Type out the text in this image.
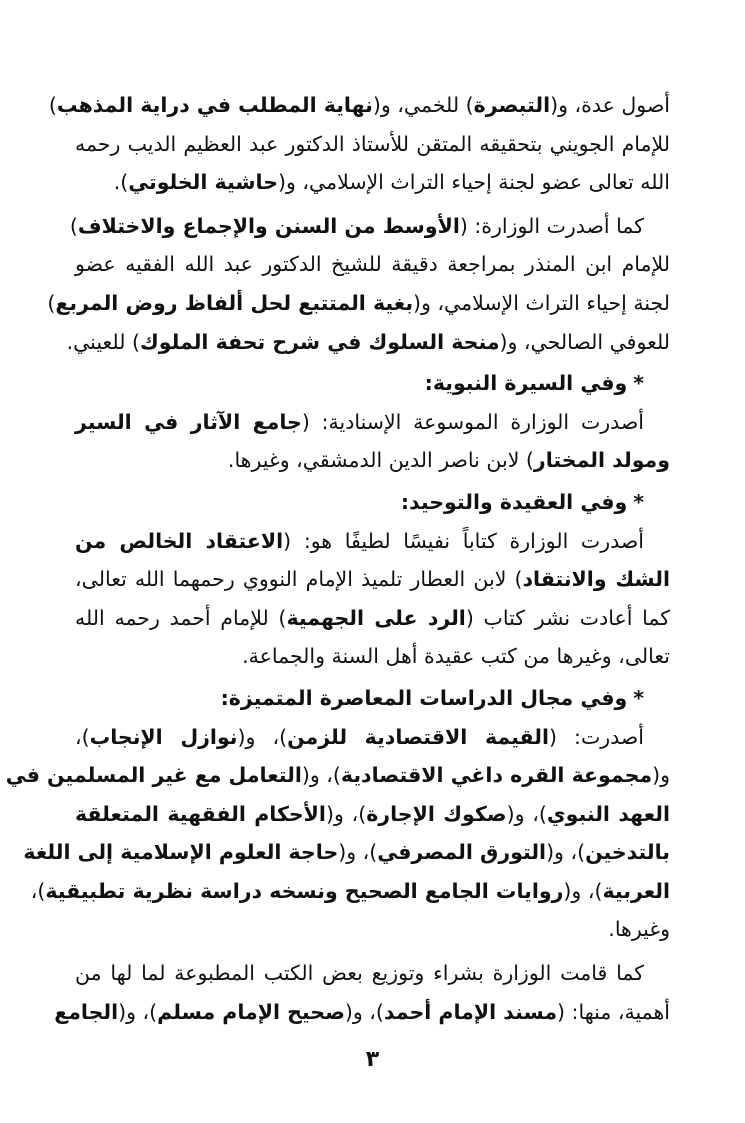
أصول عدة، و(التبصرة) للخمي، و(نهاية المطلب في دراية المذهب)
للإمام الجويني بتحقيقه المتقن للأستاذ الدكتور عبد العظيم الديب رحمه
الله تعالى عضو لجنة إحياء التراث الإسلامي، و(حاشية الخلوتي).
كما أصدرت الوزارة: (الأوسط من السنن والإجماع والاختلاف)
للإمام ابن المنذر بمراجعة دقيقة للشيخ الدكتور عبد الله الفقيه عضو
لجنة إحياء التراث الإسلامي، و(بغية المتتبع لحل ألفاظ روض المربع)
للعوفي الصالحي، و(منحة السلوك في شرح تحفة الملوك) للعيني.
*وفي السيرة النبوية:
أصدرت الوزارة الموسوعة الإسنادية: (جامع الآثار في السير
ومولد المختار) لابن ناصر الدين الدمشقي، وغيرها.
*وفي العقيدة والتوحيد:
أصدرت الوزارة كتاباً نفيسًا لطيفًا هو: (الاعتقاد الخالص من
الشك والانتقاد) لابن العطار تلميذ الإمام النووي رحمهما الله تعالى،
كما أعادت نشر كتاب (الرد على الجهمية) للإمام أحمد رحمه الله
تعالى، وغيرها من كتب عقيدة أهل السنة والجماعة.
*وفي مجال الدراسات المعاصرة المتميزة:
أصدرت: (القيمة الاقتصادية للزمن)، و(نوازل الإنجاب)،
و(مجموعة القره داغي الاقتصادية)، و(التعامل مع غير المسلمين في
العهد النبوي)، و(صكوك الإجارة)، و(الأحكام الفقهية المتعلقة
بالتدخين)، و(التورق المصرفي)، و(حاجة العلوم الإسلامية إلى اللغة
العربية)، و(روايات الجامع الصحيح ونسخه دراسة نظرية تطبيقية)،
وغيرها.
كما قامت الوزارة بشراء وتوزيع بعض الكتب المطبوعة لما لها من
أهمية، منها: (مسند الإمام أحمد)، و(صحيح الإمام مسلم)، و(الجامع
٣
